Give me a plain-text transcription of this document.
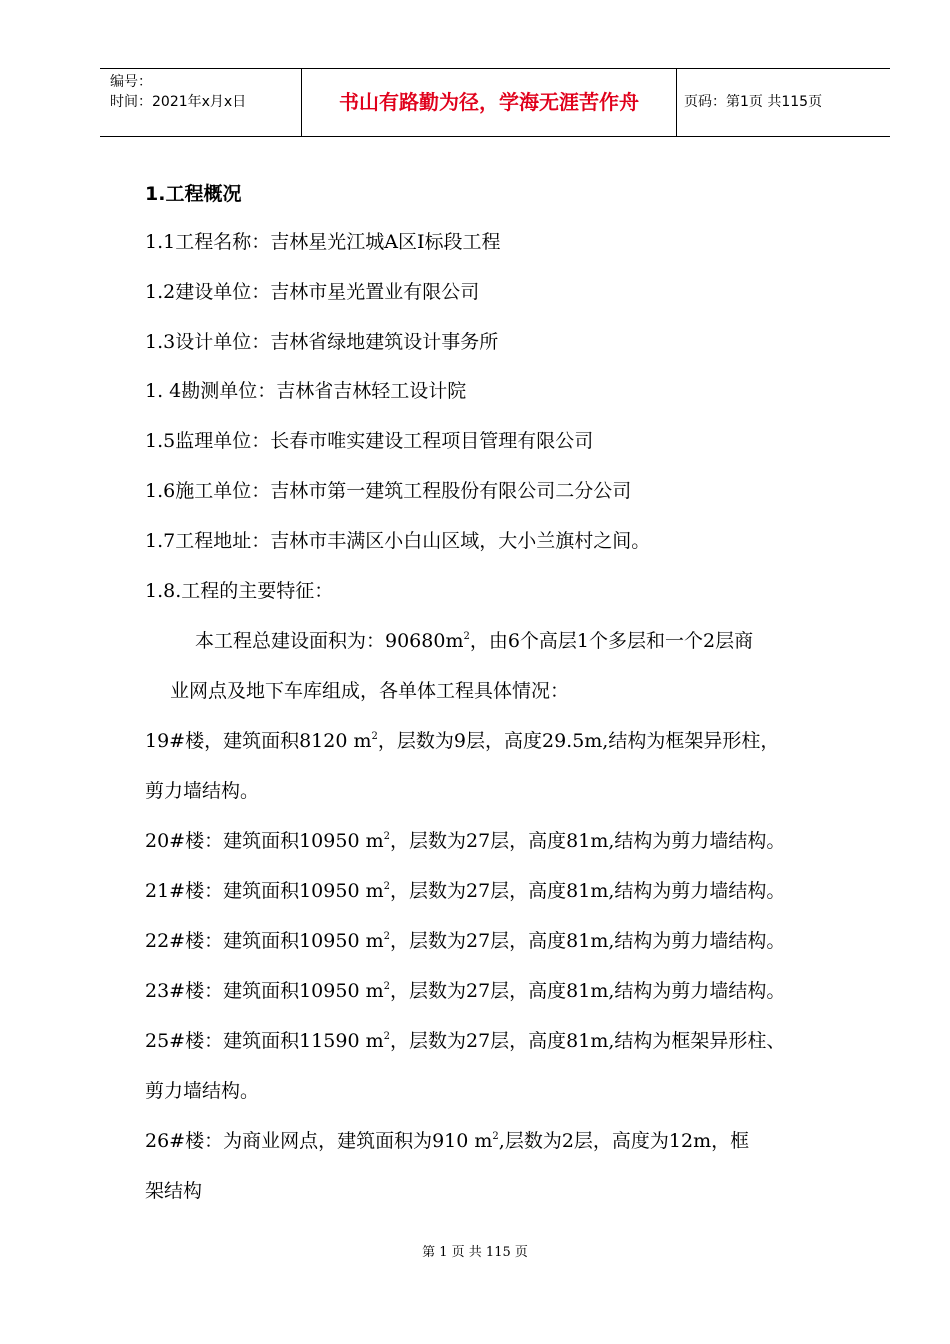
编号：
时间：2021年x月x日	书山有路勤为径，学海无涯苦作舟	页码：第1页 共115页
1.工程概况
1.1工程名称：吉林星光江城A区Ⅰ标段工程
1.2建设单位：吉林市星光置业有限公司
1.3设计单位：吉林省绿地建筑设计事务所
1. 4勘测单位：吉林省吉林轻工设计院
1.5监理单位：长春市唯实建设工程项目管理有限公司
1.6施工单位：吉林市第一建筑工程股份有限公司二分公司
1.7工程地址：吉林市丰满区小白山区域，大小兰旗村之间。
1.8.工程的主要特征：
本工程总建设面积为：$90680m^2$，由6个高层1个多层和一个2层商
业网点及地下车库组成，各单体工程具体情况：
19#楼，建筑面积8120 $m^2$，层数为9层，高度29.5m,结构为框架异形柱，
剪力墙结构。
20#楼：建筑面积10950 $m^2$，层数为27层，高度81m,结构为剪力墙结构。
21#楼：建筑面积10950 $m^2$，层数为27层，高度81m,结构为剪力墙结构。
22#楼：建筑面积10950 $m^2$，层数为27层，高度81m,结构为剪力墙结构。
23#楼：建筑面积10950 $m^2$，层数为27层，高度81m,结构为剪力墙结构。
25#楼：建筑面积11590 $m^2$，层数为27层，高度81m,结构为框架异形柱、
剪力墙结构。
26#楼：为商业网点，建筑面积为910 $m^2$,层数为2层，高度为12m，框
架结构
第 1 页 共 115 页
